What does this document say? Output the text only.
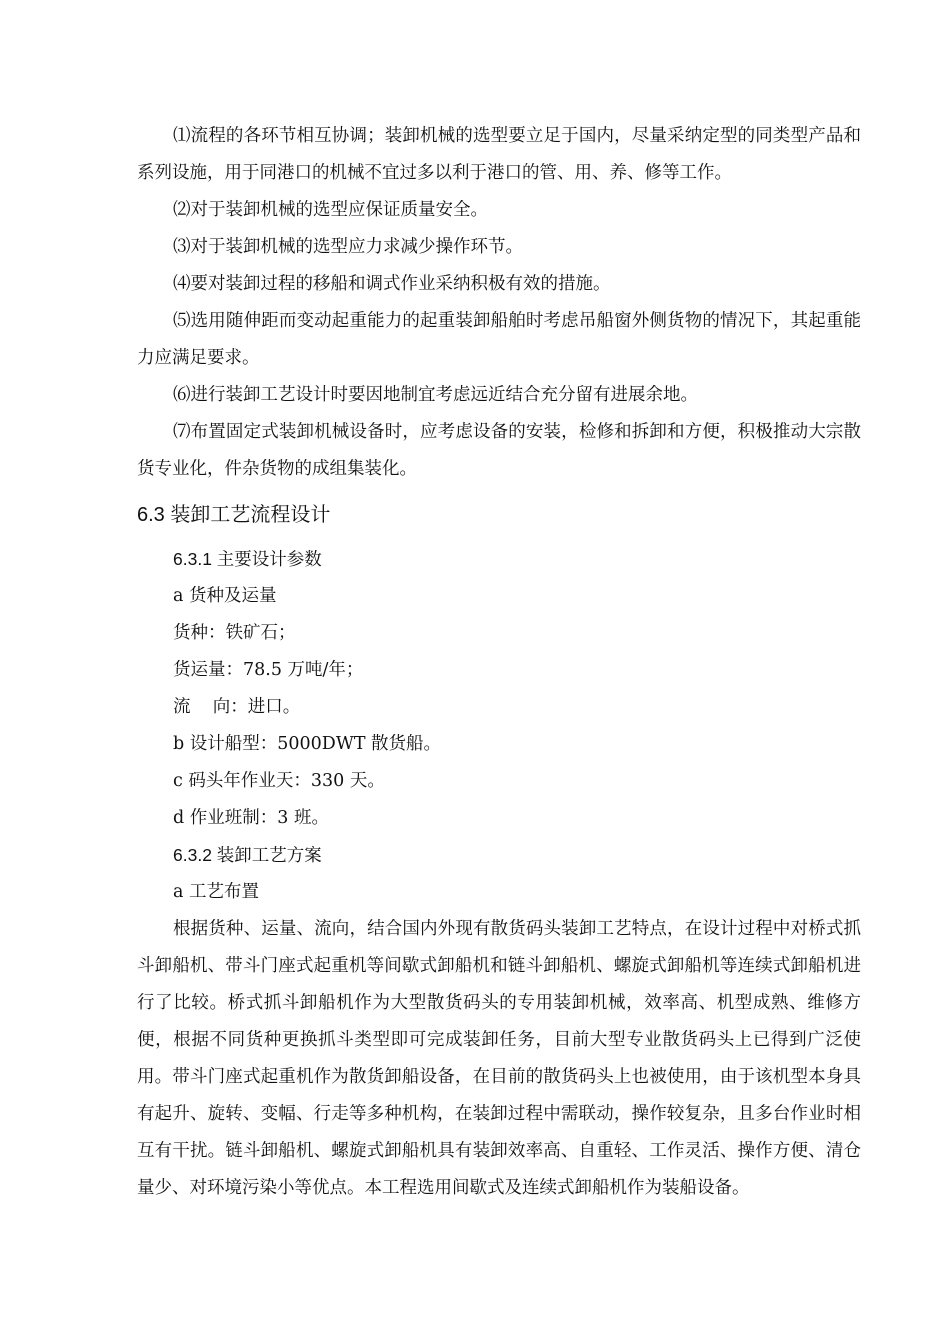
⑴流程的各环节相互协调；装卸机械的选型要立足于国内，尽量采纳定型的同类型产品和系列设施，用于同港口的机械不宜过多以利于港口的管、用、养、修等工作。

⑵对于装卸机械的选型应保证质量安全。

⑶对于装卸机械的选型应力求减少操作环节。

⑷要对装卸过程的移船和调式作业采纳积极有效的措施。

⑸选用随伸距而变动起重能力的起重装卸船舶时考虑吊船窗外侧货物的情况下，其起重能力应满足要求。

⑹进行装卸工艺设计时要因地制宜考虑远近结合充分留有进展余地。

⑺布置固定式装卸机械设备时，应考虑设备的安装，检修和拆卸和方便，积极推动大宗散货专业化，件杂货物的成组集装化。

6.3 装卸工艺流程设计
6.3.1 主要设计参数

a 货种及运量

货种：铁矿石；

货运量：78.5 万吨/年；

流    向：进口。

b 设计船型：5000DWT 散货船。

c 码头年作业天：330 天。

d 作业班制：3 班。

6.3.2 装卸工艺方案

a 工艺布置

根据货种、运量、流向，结合国内外现有散货码头装卸工艺特点，在设计过程中对桥式抓斗卸船机、带斗门座式起重机等间歇式卸船机和链斗卸船机、螺旋式卸船机等连续式卸船机进行了比较。桥式抓斗卸船机作为大型散货码头的专用装卸机械，效率高、机型成熟、维修方便，根据不同货种更换抓斗类型即可完成装卸任务，目前大型专业散货码头上已得到广泛使用。带斗门座式起重机作为散货卸船设备，在目前的散货码头上也被使用，由于该机型本身具有起升、旋转、变幅、行走等多种机构，在装卸过程中需联动，操作较复杂，且多台作业时相互有干扰。链斗卸船机、螺旋式卸船机具有装卸效率高、自重轻、工作灵活、操作方便、清仓量少、对环境污染小等优点。本工程选用间歇式及连续式卸船机作为装船设备。
